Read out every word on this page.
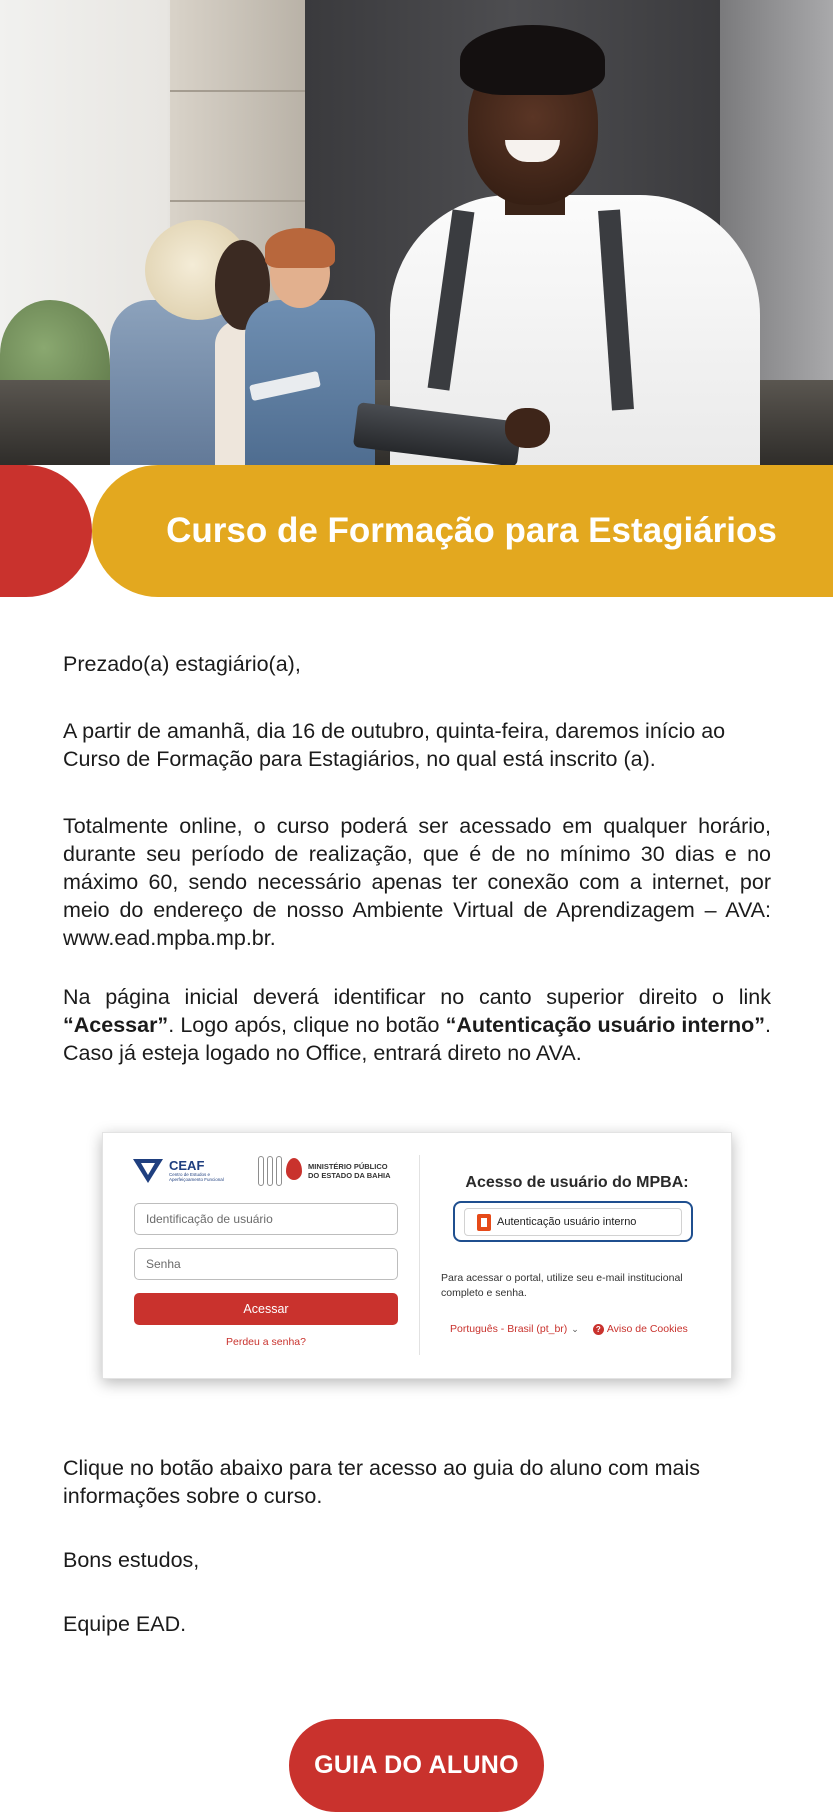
Curso de Formação para Estagiários

Prezado(a) estagiário(a),

A partir de amanhã, dia 16 de outubro, quinta-feira, daremos início ao Curso de Formação para Estagiários, no qual está inscrito (a).

Totalmente online, o curso poderá ser acessado em qualquer horário, durante seu período de realização, que é de no mínimo 30 dias e no máximo 60, sendo necessário apenas ter conexão com a internet, por meio do endereço de nosso Ambiente Virtual de Aprendizagem – AVA: www.ead.mpba.mp.br.

Na página inicial deverá identificar no canto superior direito o link “Acessar”. Logo após, clique no botão “Autenticação usuário interno”. Caso já esteja logado no Office, entrará direto no AVA.

CEAF
Centro de Estudos e Aperfeiçoamento Funcional
MINISTÉRIO PÚBLICO
DO ESTADO DA BAHIA
Identificação de usuário
Senha
Acessar
Perdeu a senha?
Acesso de usuário do MPBA:
Autenticação usuário interno
Para acessar o portal, utilize seu e-mail institucional completo e senha.
Português - Brasil (pt_br) ⌄	? Aviso de Cookies

Clique no botão abaixo para ter acesso ao guia do aluno com mais informações sobre o curso.

Bons estudos,

Equipe EAD.

GUIA DO ALUNO
